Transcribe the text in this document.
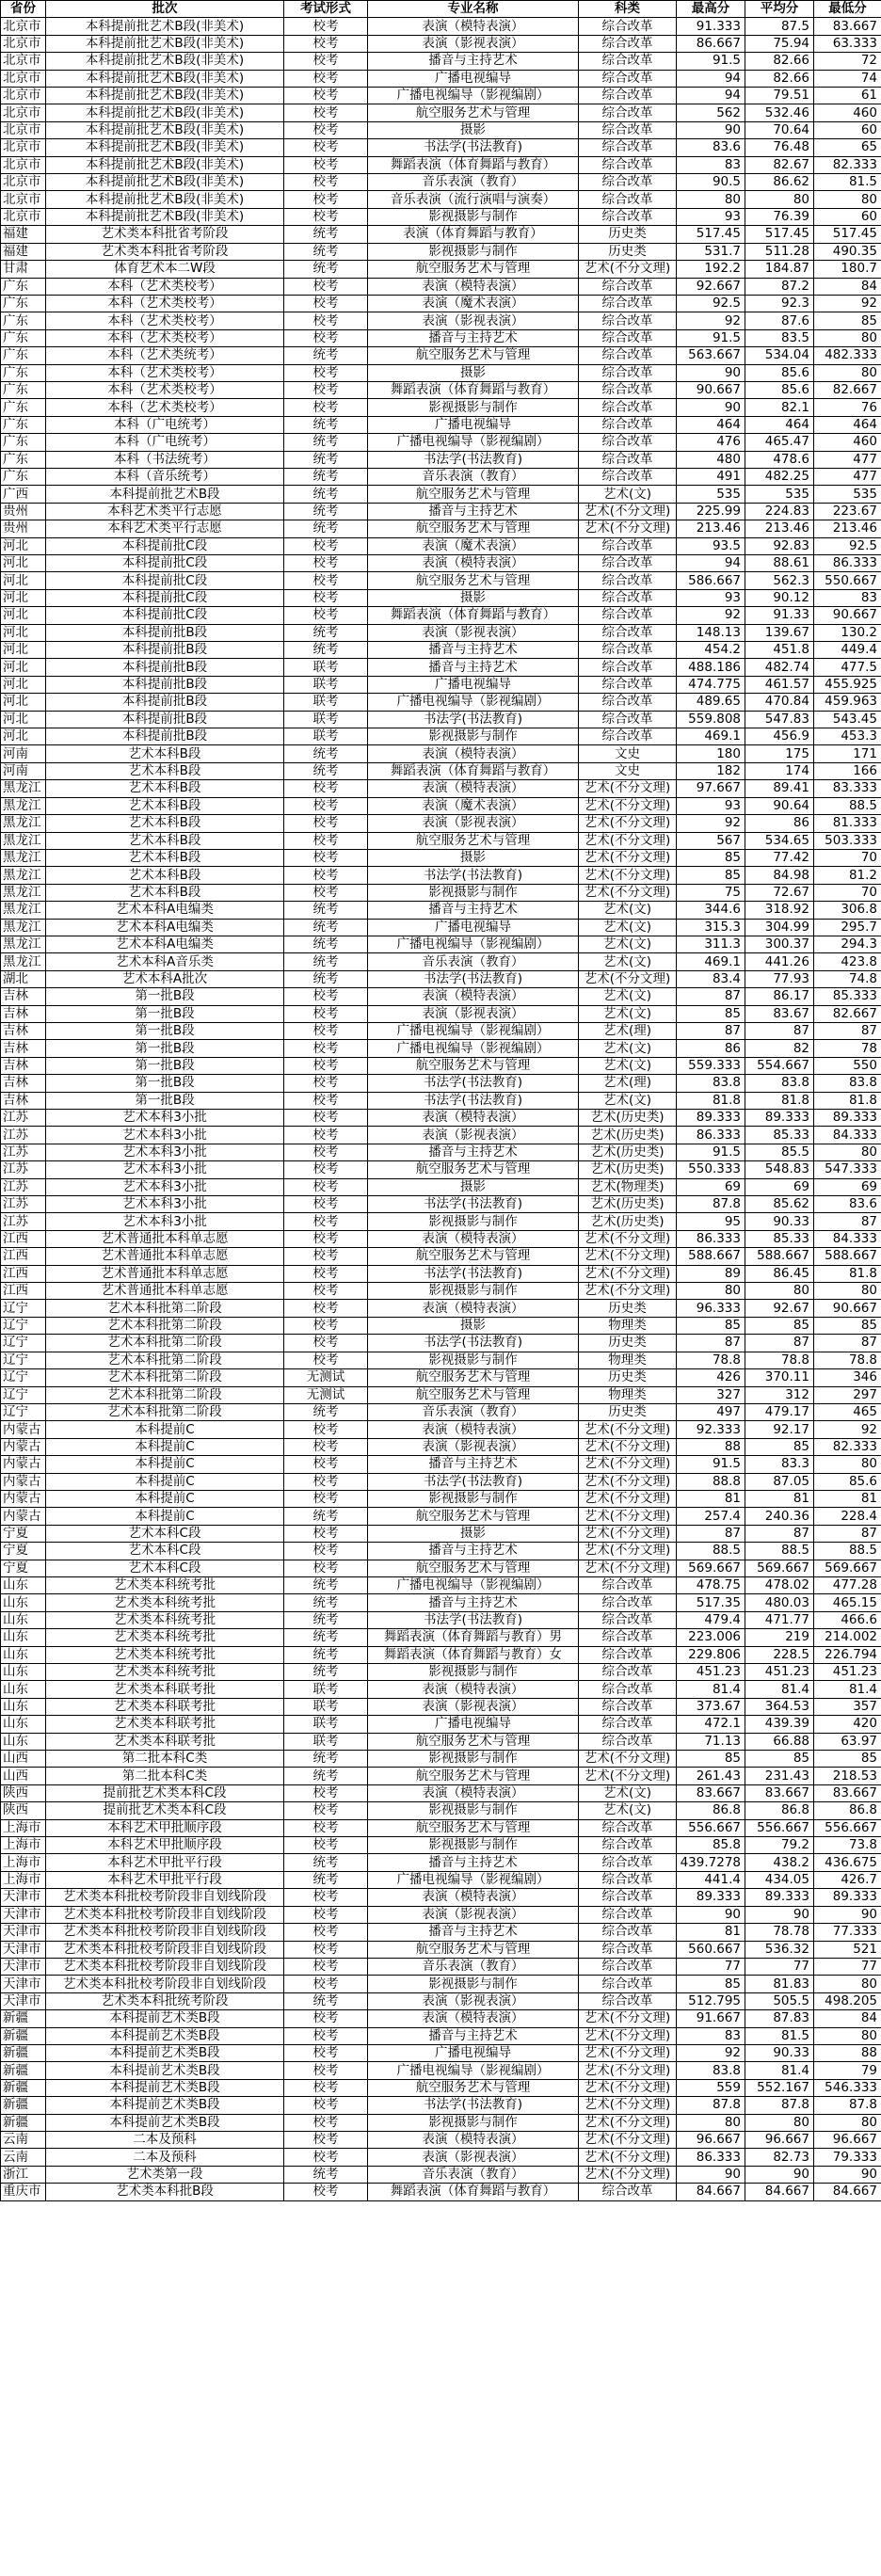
省份	批次	考试形式	专业名称	科类	最高分	平均分	最低分
北京市	本科提前批艺术B段(非美术)	校考	表演（模特表演）	综合改革	91.333	87.5	83.667
北京市	本科提前批艺术B段(非美术)	校考	表演（影视表演）	综合改革	86.667	75.94	63.333
北京市	本科提前批艺术B段(非美术)	校考	播音与主持艺术	综合改革	91.5	82.66	72
北京市	本科提前批艺术B段(非美术)	校考	广播电视编导	综合改革	94	82.66	74
北京市	本科提前批艺术B段(非美术)	校考	广播电视编导（影视编剧）	综合改革	94	79.51	61
北京市	本科提前批艺术B段(非美术)	校考	航空服务艺术与管理	综合改革	562	532.46	460
北京市	本科提前批艺术B段(非美术)	校考	摄影	综合改革	90	70.64	60
北京市	本科提前批艺术B段(非美术)	校考	书法学(书法教育)	综合改革	83.6	76.48	65
北京市	本科提前批艺术B段(非美术)	校考	舞蹈表演（体育舞蹈与教育）	综合改革	83	82.67	82.333
北京市	本科提前批艺术B段(非美术)	校考	音乐表演（教育）	综合改革	90.5	86.62	81.5
北京市	本科提前批艺术B段(非美术)	校考	音乐表演（流行演唱与演奏）	综合改革	80	80	80
北京市	本科提前批艺术B段(非美术)	校考	影视摄影与制作	综合改革	93	76.39	60
福建	艺术类本科批省考阶段	统考	表演（体育舞蹈与教育）	历史类	517.45	517.45	517.45
福建	艺术类本科批省考阶段	统考	影视摄影与制作	历史类	531.7	511.28	490.35
甘肃	体育艺术本二W段	统考	航空服务艺术与管理	艺术(不分文理)	192.2	184.87	180.7
广东	本科（艺术类校考）	校考	表演（模特表演）	综合改革	92.667	87.2	84
广东	本科（艺术类校考）	校考	表演（魔术表演）	综合改革	92.5	92.3	92
广东	本科（艺术类校考）	校考	表演（影视表演）	综合改革	92	87.6	85
广东	本科（艺术类校考）	校考	播音与主持艺术	综合改革	91.5	83.5	80
广东	本科（艺术类统考）	统考	航空服务艺术与管理	综合改革	563.667	534.04	482.333
广东	本科（艺术类校考）	校考	摄影	综合改革	90	85.6	80
广东	本科（艺术类校考）	校考	舞蹈表演（体育舞蹈与教育）	综合改革	90.667	85.6	82.667
广东	本科（艺术类校考）	校考	影视摄影与制作	综合改革	90	82.1	76
广东	本科（广电统考）	统考	广播电视编导	综合改革	464	464	464
广东	本科（广电统考）	统考	广播电视编导（影视编剧）	综合改革	476	465.47	460
广东	本科（书法统考）	统考	书法学(书法教育)	综合改革	480	478.6	477
广东	本科（音乐统考）	统考	音乐表演（教育）	综合改革	491	482.25	477
广西	本科提前批艺术B段	统考	航空服务艺术与管理	艺术(文)	535	535	535
贵州	本科艺术类平行志愿	统考	播音与主持艺术	艺术(不分文理)	225.99	224.83	223.67
贵州	本科艺术类平行志愿	统考	航空服务艺术与管理	艺术(不分文理)	213.46	213.46	213.46
河北	本科提前批C段	校考	表演（魔术表演）	综合改革	93.5	92.83	92.5
河北	本科提前批C段	校考	表演（模特表演）	综合改革	94	88.61	86.333
河北	本科提前批C段	校考	航空服务艺术与管理	综合改革	586.667	562.3	550.667
河北	本科提前批C段	校考	摄影	综合改革	93	90.12	83
河北	本科提前批C段	校考	舞蹈表演（体育舞蹈与教育）	综合改革	92	91.33	90.667
河北	本科提前批B段	统考	表演（影视表演）	综合改革	148.13	139.67	130.2
河北	本科提前批B段	统考	播音与主持艺术	综合改革	454.2	451.8	449.4
河北	本科提前批B段	联考	播音与主持艺术	综合改革	488.186	482.74	477.5
河北	本科提前批B段	联考	广播电视编导	综合改革	474.775	461.57	455.925
河北	本科提前批B段	联考	广播电视编导（影视编剧）	综合改革	489.65	470.84	459.963
河北	本科提前批B段	联考	书法学(书法教育)	综合改革	559.808	547.83	543.45
河北	本科提前批B段	联考	影视摄影与制作	综合改革	469.1	456.9	453.3
河南	艺术本科B段	统考	表演（模特表演）	文史	180	175	171
河南	艺术本科B段	统考	舞蹈表演（体育舞蹈与教育）	文史	182	174	166
黑龙江	艺术本科B段	校考	表演（模特表演）	艺术(不分文理)	97.667	89.41	83.333
黑龙江	艺术本科B段	校考	表演（魔术表演）	艺术(不分文理)	93	90.64	88.5
黑龙江	艺术本科B段	校考	表演（影视表演）	艺术(不分文理)	92	86	81.333
黑龙江	艺术本科B段	校考	航空服务艺术与管理	艺术(不分文理)	567	534.65	503.333
黑龙江	艺术本科B段	校考	摄影	艺术(不分文理)	85	77.42	70
黑龙江	艺术本科B段	校考	书法学(书法教育)	艺术(不分文理)	85	84.98	81.2
黑龙江	艺术本科B段	校考	影视摄影与制作	艺术(不分文理)	75	72.67	70
黑龙江	艺术本科A电编类	统考	播音与主持艺术	艺术(文)	344.6	318.92	306.8
黑龙江	艺术本科A电编类	统考	广播电视编导	艺术(文)	315.3	304.99	295.7
黑龙江	艺术本科A电编类	统考	广播电视编导（影视编剧）	艺术(文)	311.3	300.37	294.3
黑龙江	艺术本科A音乐类	统考	音乐表演（教育）	艺术(文)	469.1	441.26	423.8
湖北	艺术本科A批次	统考	书法学(书法教育)	艺术(不分文理)	83.4	77.93	74.8
吉林	第一批B段	校考	表演（模特表演）	艺术(文)	87	86.17	85.333
吉林	第一批B段	校考	表演（影视表演）	艺术(文)	85	83.67	82.667
吉林	第一批B段	校考	广播电视编导（影视编剧）	艺术(理)	87	87	87
吉林	第一批B段	校考	广播电视编导（影视编剧）	艺术(文)	86	82	78
吉林	第一批B段	校考	航空服务艺术与管理	艺术(文)	559.333	554.667	550
吉林	第一批B段	校考	书法学(书法教育)	艺术(理)	83.8	83.8	83.8
吉林	第一批B段	校考	书法学(书法教育)	艺术(文)	81.8	81.8	81.8
江苏	艺术本科3小批	校考	表演（模特表演）	艺术(历史类)	89.333	89.333	89.333
江苏	艺术本科3小批	校考	表演（影视表演）	艺术(历史类)	86.333	85.33	84.333
江苏	艺术本科3小批	校考	播音与主持艺术	艺术(历史类)	91.5	85.5	80
江苏	艺术本科3小批	校考	航空服务艺术与管理	艺术(历史类)	550.333	548.83	547.333
江苏	艺术本科3小批	校考	摄影	艺术(物理类)	69	69	69
江苏	艺术本科3小批	校考	书法学(书法教育)	艺术(历史类)	87.8	85.62	83.6
江苏	艺术本科3小批	校考	影视摄影与制作	艺术(历史类)	95	90.33	87
江西	艺术普通批本科单志愿	校考	表演（模特表演）	艺术(不分文理)	86.333	85.33	84.333
江西	艺术普通批本科单志愿	校考	航空服务艺术与管理	艺术(不分文理)	588.667	588.667	588.667
江西	艺术普通批本科单志愿	校考	书法学(书法教育)	艺术(不分文理)	89	86.45	81.8
江西	艺术普通批本科单志愿	校考	影视摄影与制作	艺术(不分文理)	80	80	80
辽宁	艺术本科批第二阶段	校考	表演（模特表演）	历史类	96.333	92.67	90.667
辽宁	艺术本科批第二阶段	校考	摄影	物理类	85	85	85
辽宁	艺术本科批第二阶段	校考	书法学(书法教育)	历史类	87	87	87
辽宁	艺术本科批第二阶段	校考	影视摄影与制作	物理类	78.8	78.8	78.8
辽宁	艺术本科批第二阶段	无测试	航空服务艺术与管理	历史类	426	370.11	346
辽宁	艺术本科批第二阶段	无测试	航空服务艺术与管理	物理类	327	312	297
辽宁	艺术本科批第二阶段	统考	音乐表演（教育）	历史类	497	479.17	465
内蒙古	本科提前C	校考	表演（模特表演）	艺术(不分文理)	92.333	92.17	92
内蒙古	本科提前C	校考	表演（影视表演）	艺术(不分文理)	88	85	82.333
内蒙古	本科提前C	校考	播音与主持艺术	艺术(不分文理)	91.5	83.3	80
内蒙古	本科提前C	校考	书法学(书法教育)	艺术(不分文理)	88.8	87.05	85.6
内蒙古	本科提前C	校考	影视摄影与制作	艺术(不分文理)	81	81	81
内蒙古	本科提前C	统考	航空服务艺术与管理	艺术(不分文理)	257.4	240.36	228.4
宁夏	艺术本科C段	校考	摄影	艺术(不分文理)	87	87	87
宁夏	艺术本科C段	校考	播音与主持艺术	艺术(不分文理)	88.5	88.5	88.5
宁夏	艺术本科C段	校考	航空服务艺术与管理	艺术(不分文理)	569.667	569.667	569.667
山东	艺术类本科统考批	统考	广播电视编导（影视编剧）	综合改革	478.75	478.02	477.28
山东	艺术类本科统考批	统考	播音与主持艺术	综合改革	517.35	480.03	465.15
山东	艺术类本科统考批	统考	书法学(书法教育)	综合改革	479.4	471.77	466.6
山东	艺术类本科统考批	统考	舞蹈表演（体育舞蹈与教育）男	综合改革	223.006	219	214.002
山东	艺术类本科统考批	统考	舞蹈表演（体育舞蹈与教育）女	综合改革	229.806	228.5	226.794
山东	艺术类本科统考批	统考	影视摄影与制作	综合改革	451.23	451.23	451.23
山东	艺术类本科联考批	联考	表演（模特表演）	综合改革	81.4	81.4	81.4
山东	艺术类本科联考批	联考	表演（影视表演）	综合改革	373.67	364.53	357
山东	艺术类本科联考批	联考	广播电视编导	综合改革	472.1	439.39	420
山东	艺术类本科联考批	联考	航空服务艺术与管理	综合改革	71.13	66.88	63.97
山西	第二批本科C类	统考	影视摄影与制作	艺术(不分文理)	85	85	85
山西	第二批本科C类	统考	航空服务艺术与管理	艺术(不分文理)	261.43	231.43	218.53
陕西	提前批艺术类本科C段	校考	表演（模特表演）	艺术(文)	83.667	83.667	83.667
陕西	提前批艺术类本科C段	校考	影视摄影与制作	艺术(文)	86.8	86.8	86.8
上海市	本科艺术甲批顺序段	校考	航空服务艺术与管理	综合改革	556.667	556.667	556.667
上海市	本科艺术甲批顺序段	校考	影视摄影与制作	综合改革	85.8	79.2	73.8
上海市	本科艺术甲批平行段	统考	播音与主持艺术	综合改革	439.7278	438.2	436.675
上海市	本科艺术甲批平行段	统考	广播电视编导（影视编剧）	综合改革	441.4	434.05	426.7
天津市	艺术类本科批校考阶段非自划线阶段	校考	表演（模特表演）	综合改革	89.333	89.333	89.333
天津市	艺术类本科批校考阶段非自划线阶段	校考	表演（影视表演）	综合改革	90	90	90
天津市	艺术类本科批校考阶段非自划线阶段	校考	播音与主持艺术	综合改革	81	78.78	77.333
天津市	艺术类本科批校考阶段非自划线阶段	校考	航空服务艺术与管理	综合改革	560.667	536.32	521
天津市	艺术类本科批校考阶段非自划线阶段	校考	音乐表演（教育）	综合改革	77	77	77
天津市	艺术类本科批校考阶段非自划线阶段	校考	影视摄影与制作	综合改革	85	81.83	80
天津市	艺术类本科批统考阶段	统考	表演（影视表演）	综合改革	512.795	505.5	498.205
新疆	本科提前艺术类B段	校考	表演（模特表演）	艺术(不分文理)	91.667	87.83	84
新疆	本科提前艺术类B段	校考	播音与主持艺术	艺术(不分文理)	83	81.5	80
新疆	本科提前艺术类B段	校考	广播电视编导	艺术(不分文理)	92	90.33	88
新疆	本科提前艺术类B段	校考	广播电视编导（影视编剧）	艺术(不分文理)	83.8	81.4	79
新疆	本科提前艺术类B段	校考	航空服务艺术与管理	艺术(不分文理)	559	552.167	546.333
新疆	本科提前艺术类B段	校考	书法学(书法教育)	艺术(不分文理)	87.8	87.8	87.8
新疆	本科提前艺术类B段	校考	影视摄影与制作	艺术(不分文理)	80	80	80
云南	二本及预科	校考	表演（模特表演）	艺术(不分文理)	96.667	96.667	96.667
云南	二本及预科	校考	表演（影视表演）	艺术(不分文理)	86.333	82.73	79.333
浙江	艺术类第一段	统考	音乐表演（教育）	艺术(不分文理)	90	90	90
重庆市	艺术类本科批B段	校考	舞蹈表演（体育舞蹈与教育）	综合改革	84.667	84.667	84.667
